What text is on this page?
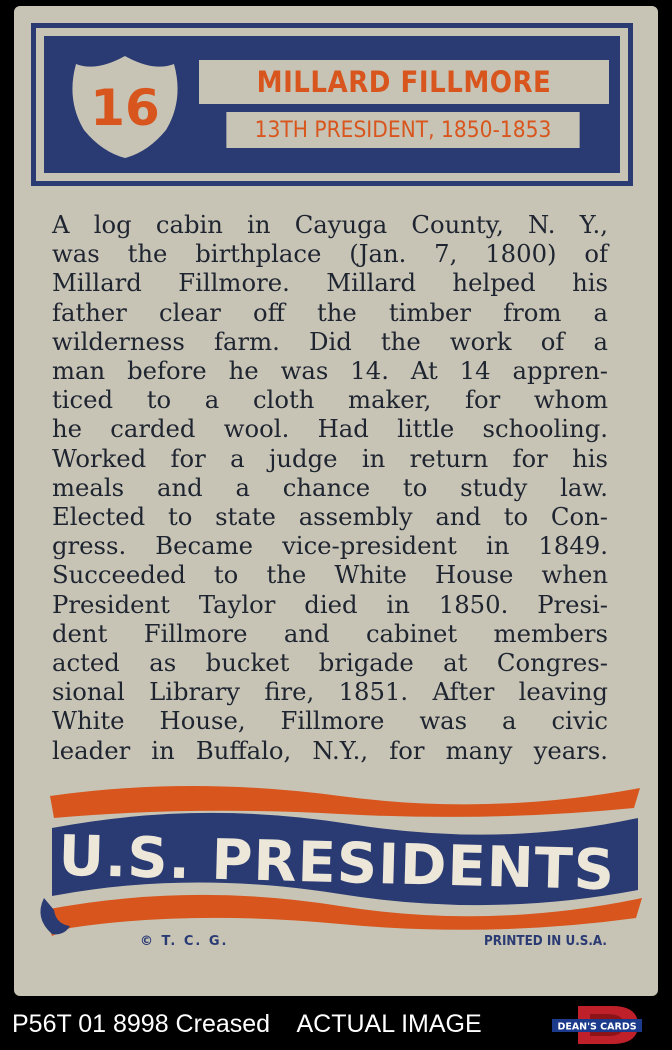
16	MILLARD FILLMORE
13TH PRESIDENT, 1850-1853
A log cabin in Cayuga County, N. Y.,
was the birthplace (Jan. 7, 1800) of
Millard Fillmore. Millard helped his
father clear off the timber from a
wilderness farm. Did the work of a
man before he was 14. At 14 appren-
ticed to a cloth maker, for whom
he carded wool. Had little schooling.
Worked for a judge in return for his
meals and a chance to study law.
Elected to state assembly and to Con-
gress. Became vice-president in 1849.
Succeeded to the White House when
President Taylor died in 1850. Presi-
dent Fillmore and cabinet members
acted as bucket brigade at Congres-
sional Library fire, 1851. After leaving
White House, Fillmore was a civic
leader in Buffalo, N.Y., for many years.
U.S. PRESIDENTS
© T. C. G.	PRINTED IN U.S.A.
P56T 01 8998 Creased    ACTUAL IMAGE	DEAN'S CARDS
